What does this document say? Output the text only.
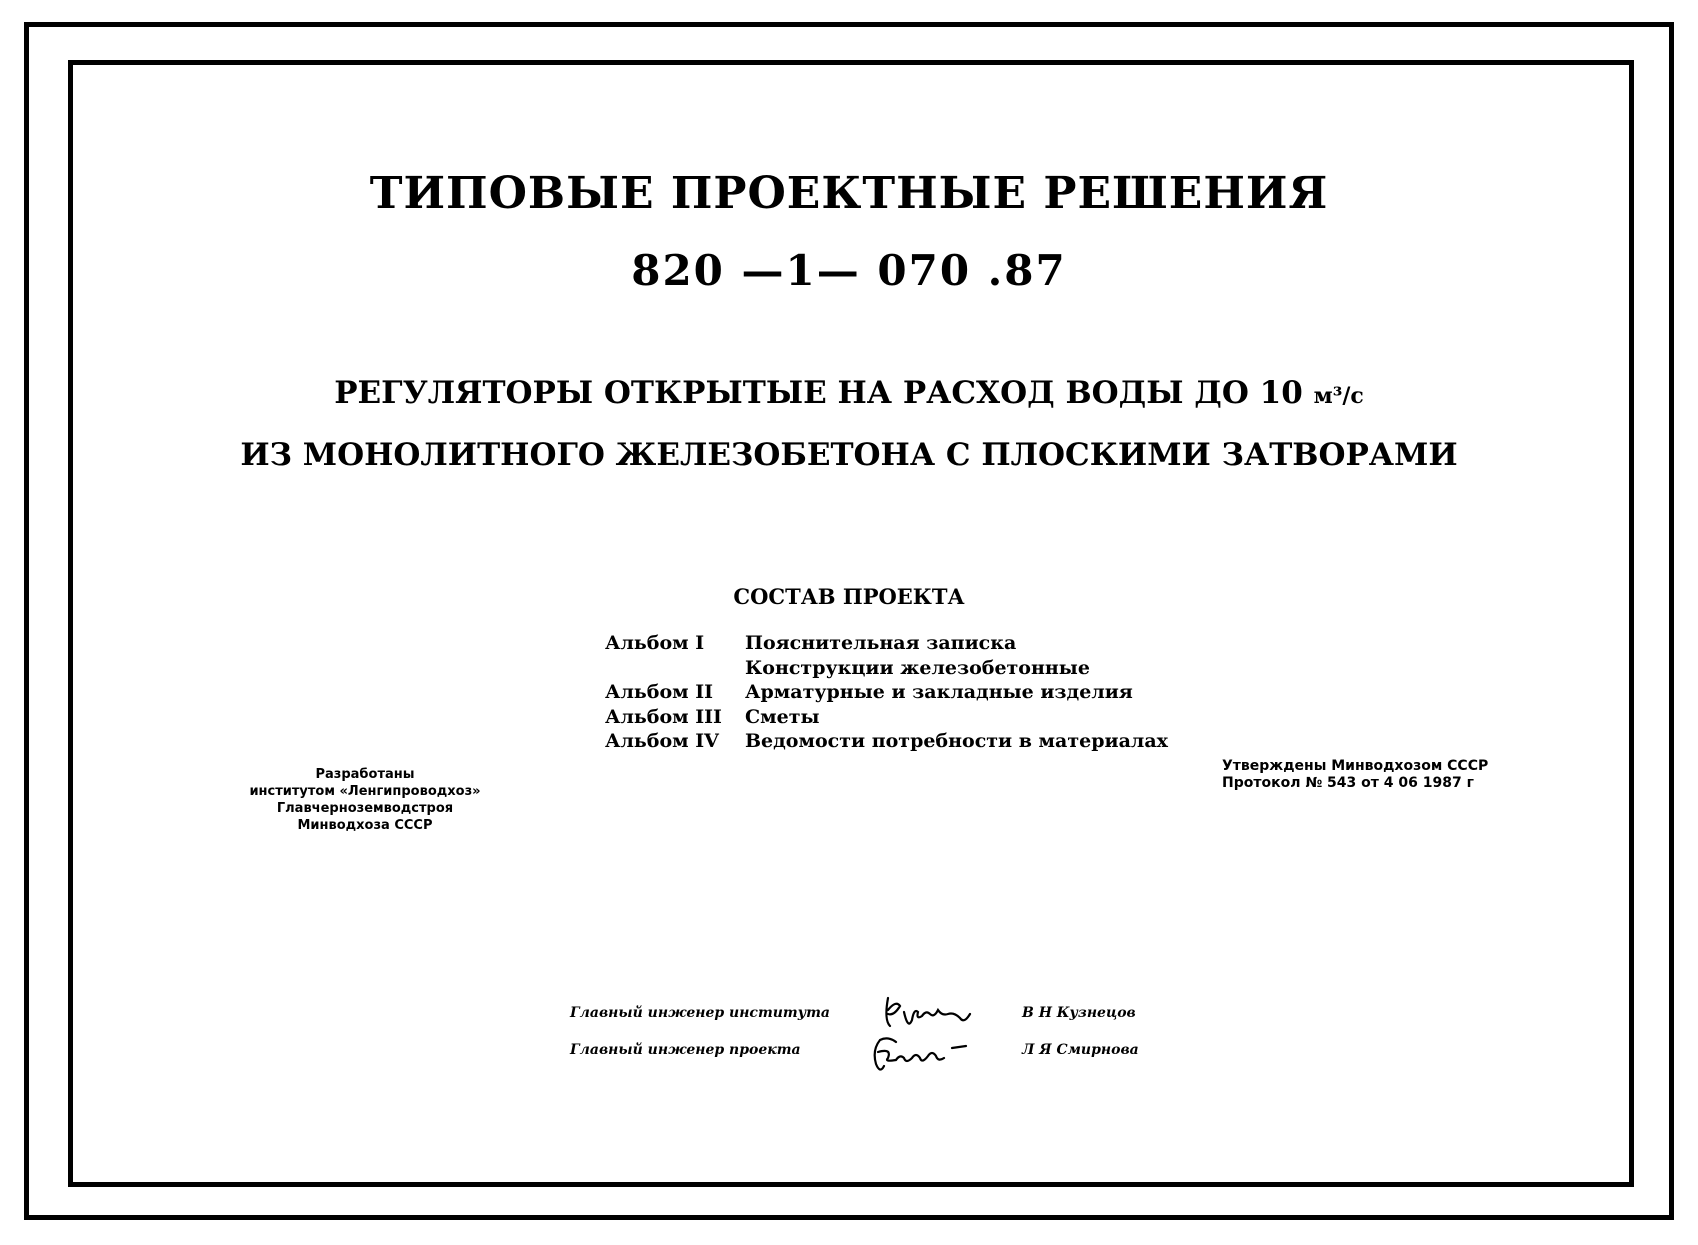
ТИПОВЫЕ ПРОЕКТНЫЕ РЕШЕНИЯ
820 —1— 070 .87
РЕГУЛЯТОРЫ ОТКРЫТЫЕ НА РАСХОД ВОДЫ ДО 10 м³/с
ИЗ МОНОЛИТНОГО ЖЕЛЕЗОБЕТОНА С ПЛОСКИМИ ЗАТВОРАМИ
СОСТАВ ПРОЕКТА
Альбом I	Пояснительная записка
Конструкции железобетонные
Альбом II	Арматурные и закладные изделия
Альбом III	Сметы
Альбом IV	Ведомости потребности в материалах
Разработаны
институтом «Ленгипроводхоз»
Главчерноземводстроя
Минводхоза СССР
Утверждены Минводхозом СССР
Протокол № 543 от 4 06 1987 г
Главный инженер института	В Н Кузнецов
Главный инженер проекта	Л Я Смирнова
